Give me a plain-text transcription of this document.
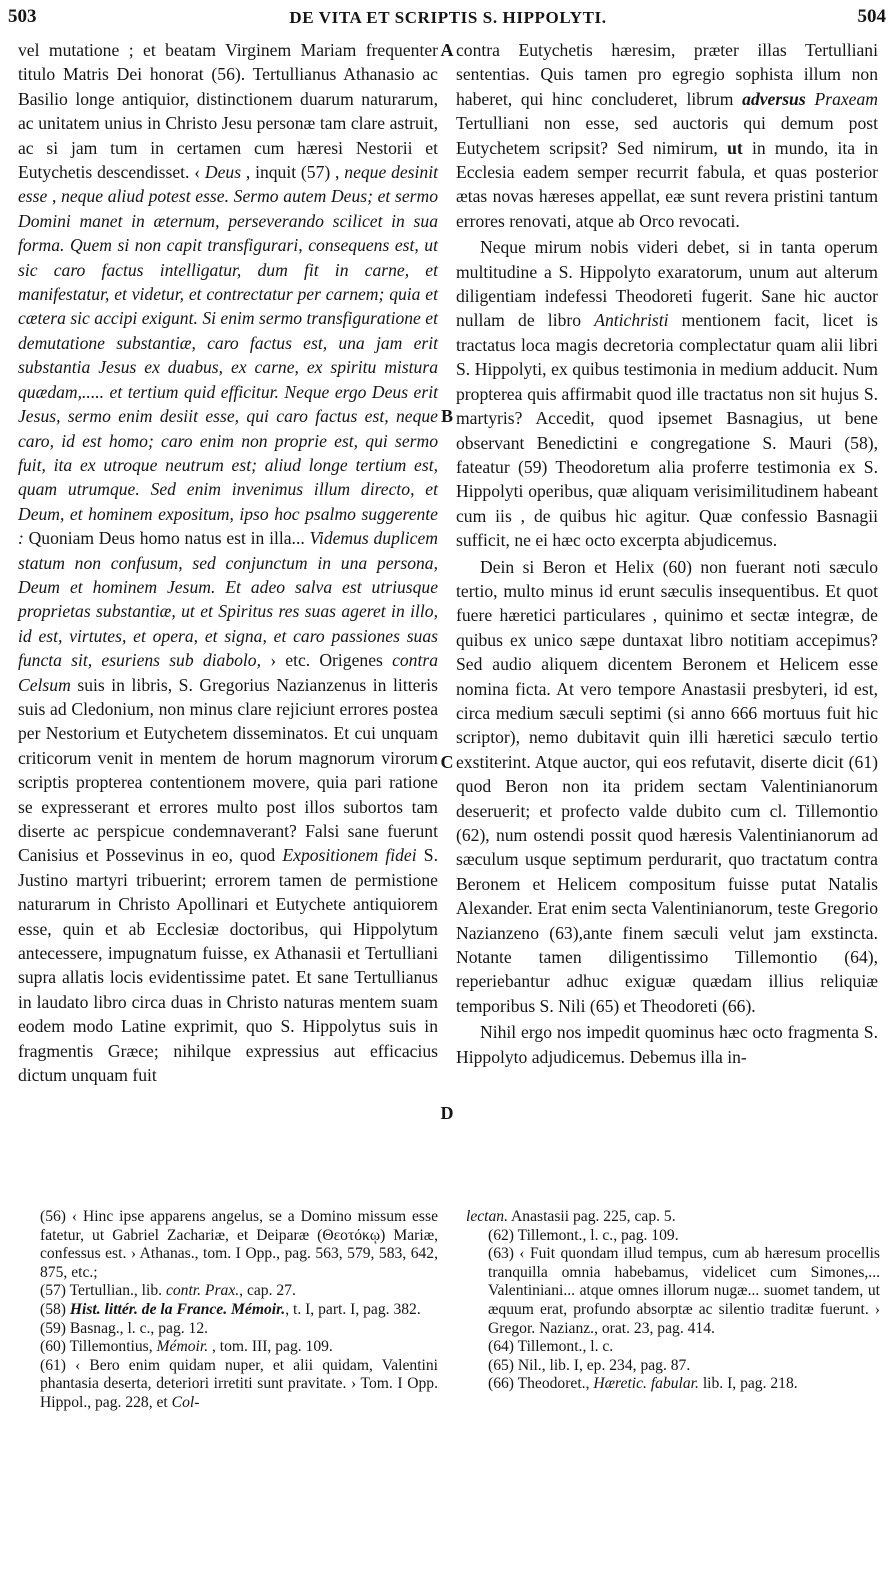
503	DE VITA ET SCRIPTIS S. HIPPOLYTI.	504

vel mutatione ; et beatam Virginem Mariam frequenter titulo Matris Dei honorat (56). Tertullianus Athanasio ac Basilio longe antiquior, distinctionem duarum naturarum, ac unitatem unius in Christo Jesu personæ tam clare astruit, ac si jam tum in certamen cum hæresi Nestorii et Eutychetis descendisset. ‹ Deus , inquit (57) , neque desinit esse , neque aliud potest esse. Sermo autem Deus; et sermo Domini manet in æternum, perseverando scilicet in sua forma. Quem si non capit transfigurari, consequens est, ut sic caro factus intelligatur, dum fit in carne, et manifestatur, et videtur, et contrectatur per carnem; quia et cætera sic accipi exigunt. Si enim sermo transfiguratione et demutatione substantiæ, caro factus est, una jam erit substantia Jesus ex duabus, ex carne, ex spiritu mistura quædam,..... et tertium quid efficitur. Neque ergo Deus erit Jesus, sermo enim desiit esse, qui caro factus est, neque caro, id est homo; caro enim non proprie est, qui sermo fuit, ita ex utroque neutrum est; aliud longe tertium est, quam utrumque. Sed enim invenimus illum directo, et Deum, et hominem expositum, ipso hoc psalmo suggerente : Quoniam Deus homo natus est in illa... Videmus duplicem statum non confusum, sed conjunctum in una persona, Deum et hominem Jesum. Et adeo salva est utriusque proprietas substantiæ, ut et Spiritus res suas ageret in illo, id est, virtutes, et opera, et signa, et caro passiones suas functa sit, esuriens sub diabolo, › etc. Origenes contra Celsum suis in libris, S. Gregorius Nazianzenus in litteris suis ad Cledonium, non minus clare rejiciunt errores postea per Nestorium et Eutychetem disseminatos. Et cui unquam criticorum venit in mentem de horum magnorum virorum scriptis propterea contentionem movere, quia pari ratione se expresserant et errores multo post illos subortos tam diserte ac perspicue condemnaverant? Falsi sane fuerunt Canisius et Possevinus in eo, quod Expositionem fidei S. Justino martyri tribuerint; errorem tamen de permistione naturarum in Christo Apollinari et Eutychete antiquiorem esse, quin et ab Ecclesiæ doctoribus, qui Hippolytum antecessere, impugnatum fuisse, ex Athanasii et Tertulliani supra allatis locis evidentissime patet. Et sane Tertullianus in laudato libro circa duas in Christo naturas mentem suam eodem modo Latine exprimit, quo S. Hippolytus suis in fragmentis Græce; nihilque expressius aut efficacius dictum unquam fuit

A
B
C
D

contra Eutychetis hæresim, præter illas Tertulliani sententias. Quis tamen pro egregio sophista illum non haberet, qui hinc concluderet, librum adversus Praxeam Tertulliani non esse, sed auctoris qui demum post Eutychetem scripsit? Sed nimirum, ut in mundo, ita in Ecclesia eadem semper recurrit fabula, et quas posterior ætas novas hæreses appellat, eæ sunt revera pristini tantum errores renovati, atque ab Orco revocati.

Neque mirum nobis videri debet, si in tanta operum multitudine a S. Hippolyto exaratorum, unum aut alterum diligentiam indefessi Theodoreti fugerit. Sane hic auctor nullam de libro Antichristi mentionem facit, licet is tractatus loca magis decretoria complectatur quam alii libri S. Hippolyti, ex quibus testimonia in medium adducit. Num propterea quis affirmabit quod ille tractatus non sit hujus S. martyris? Accedit, quod ipsemet Basnagius, ut bene observant Benedictini e congregatione S. Mauri (58), fateatur (59) Theodoretum alia proferre testimonia ex S. Hippolyti operibus, quæ aliquam verisimilitudinem habeant cum iis , de quibus hic agitur. Quæ confessio Basnagii sufficit, ne ei hæc octo excerpta abjudicemus.

Dein si Beron et Helix (60) non fuerant noti sæculo tertio, multo minus id erunt sæculis insequentibus. Et quot fuere hæretici particulares , quinimo et sectæ integræ, de quibus ex unico sæpe duntaxat libro notitiam accepimus? Sed audio aliquem dicentem Beronem et Helicem esse nomina ficta. At vero tempore Anastasii presbyteri, id est, circa medium sæculi septimi (si anno 666 mortuus fuit hic scriptor), nemo dubitavit quin illi hæretici sæculo tertio exstiterint. Atque auctor, qui eos refutavit, diserte dicit (61) quod Beron non ita pridem sectam Valentinianorum deseruerit; et profecto valde dubito cum cl. Tillemontio (62), num ostendi possit quod hæresis Valentinianorum ad sæculum usque septimum perdurarit, quo tractatum contra Beronem et Helicem compositum fuisse putat Natalis Alexander. Erat enim secta Valentinianorum, teste Gregorio Nazianzeno (63),ante finem sæculi velut jam exstincta. Notante tamen diligentissimo Tillemontio (64), reperiebantur adhuc exiguæ quædam illius reliquiæ temporibus S. Nili (65) et Theodoreti (66).

Nihil ergo nos impedit quominus hæc octo fragmenta S. Hippolyto adjudicemus. Debemus illa in-

(56) ‹ Hinc ipse apparens angelus, se a Domino missum esse fatetur, ut Gabriel Zachariæ, et Deiparæ (Θεοτόκῳ) Mariæ, confessus est. › Athanas., tom. I Opp., pag. 563, 579, 583, 642, 875, etc.;

(57) Tertullian., lib. contr. Prax., cap. 27.

(58) Hist. littér. de la France. Mémoir., t. I, part. I, pag. 382.

(59) Basnag., l. c., pag. 12.

(60) Tillemontius, Mémoir. , tom. III, pag. 109.

(61) ‹ Bero enim quidam nuper, et alii quidam, Valentini phantasia deserta, deteriori irretiti sunt pravitate. › Tom. I Opp. Hippol., pag. 228, et Col-

lectan. Anastasii pag. 225, cap. 5.

(62) Tillemont., l. c., pag. 109.

(63) ‹ Fuit quondam illud tempus, cum ab hæresum procellis tranquilla omnia habebamus, videlicet cum Simones,... Valentiniani... atque omnes illorum nugæ... suomet tandem, ut æquum erat, profundo absorptæ ac silentio traditæ fuerunt. › Gregor. Nazianz., orat. 23, pag. 414.

(64) Tillemont., l. c.

(65) Nil., lib. I, ep. 234, pag. 87.

(66) Theodoret., Hæretic. fabular. lib. I, pag. 218.
